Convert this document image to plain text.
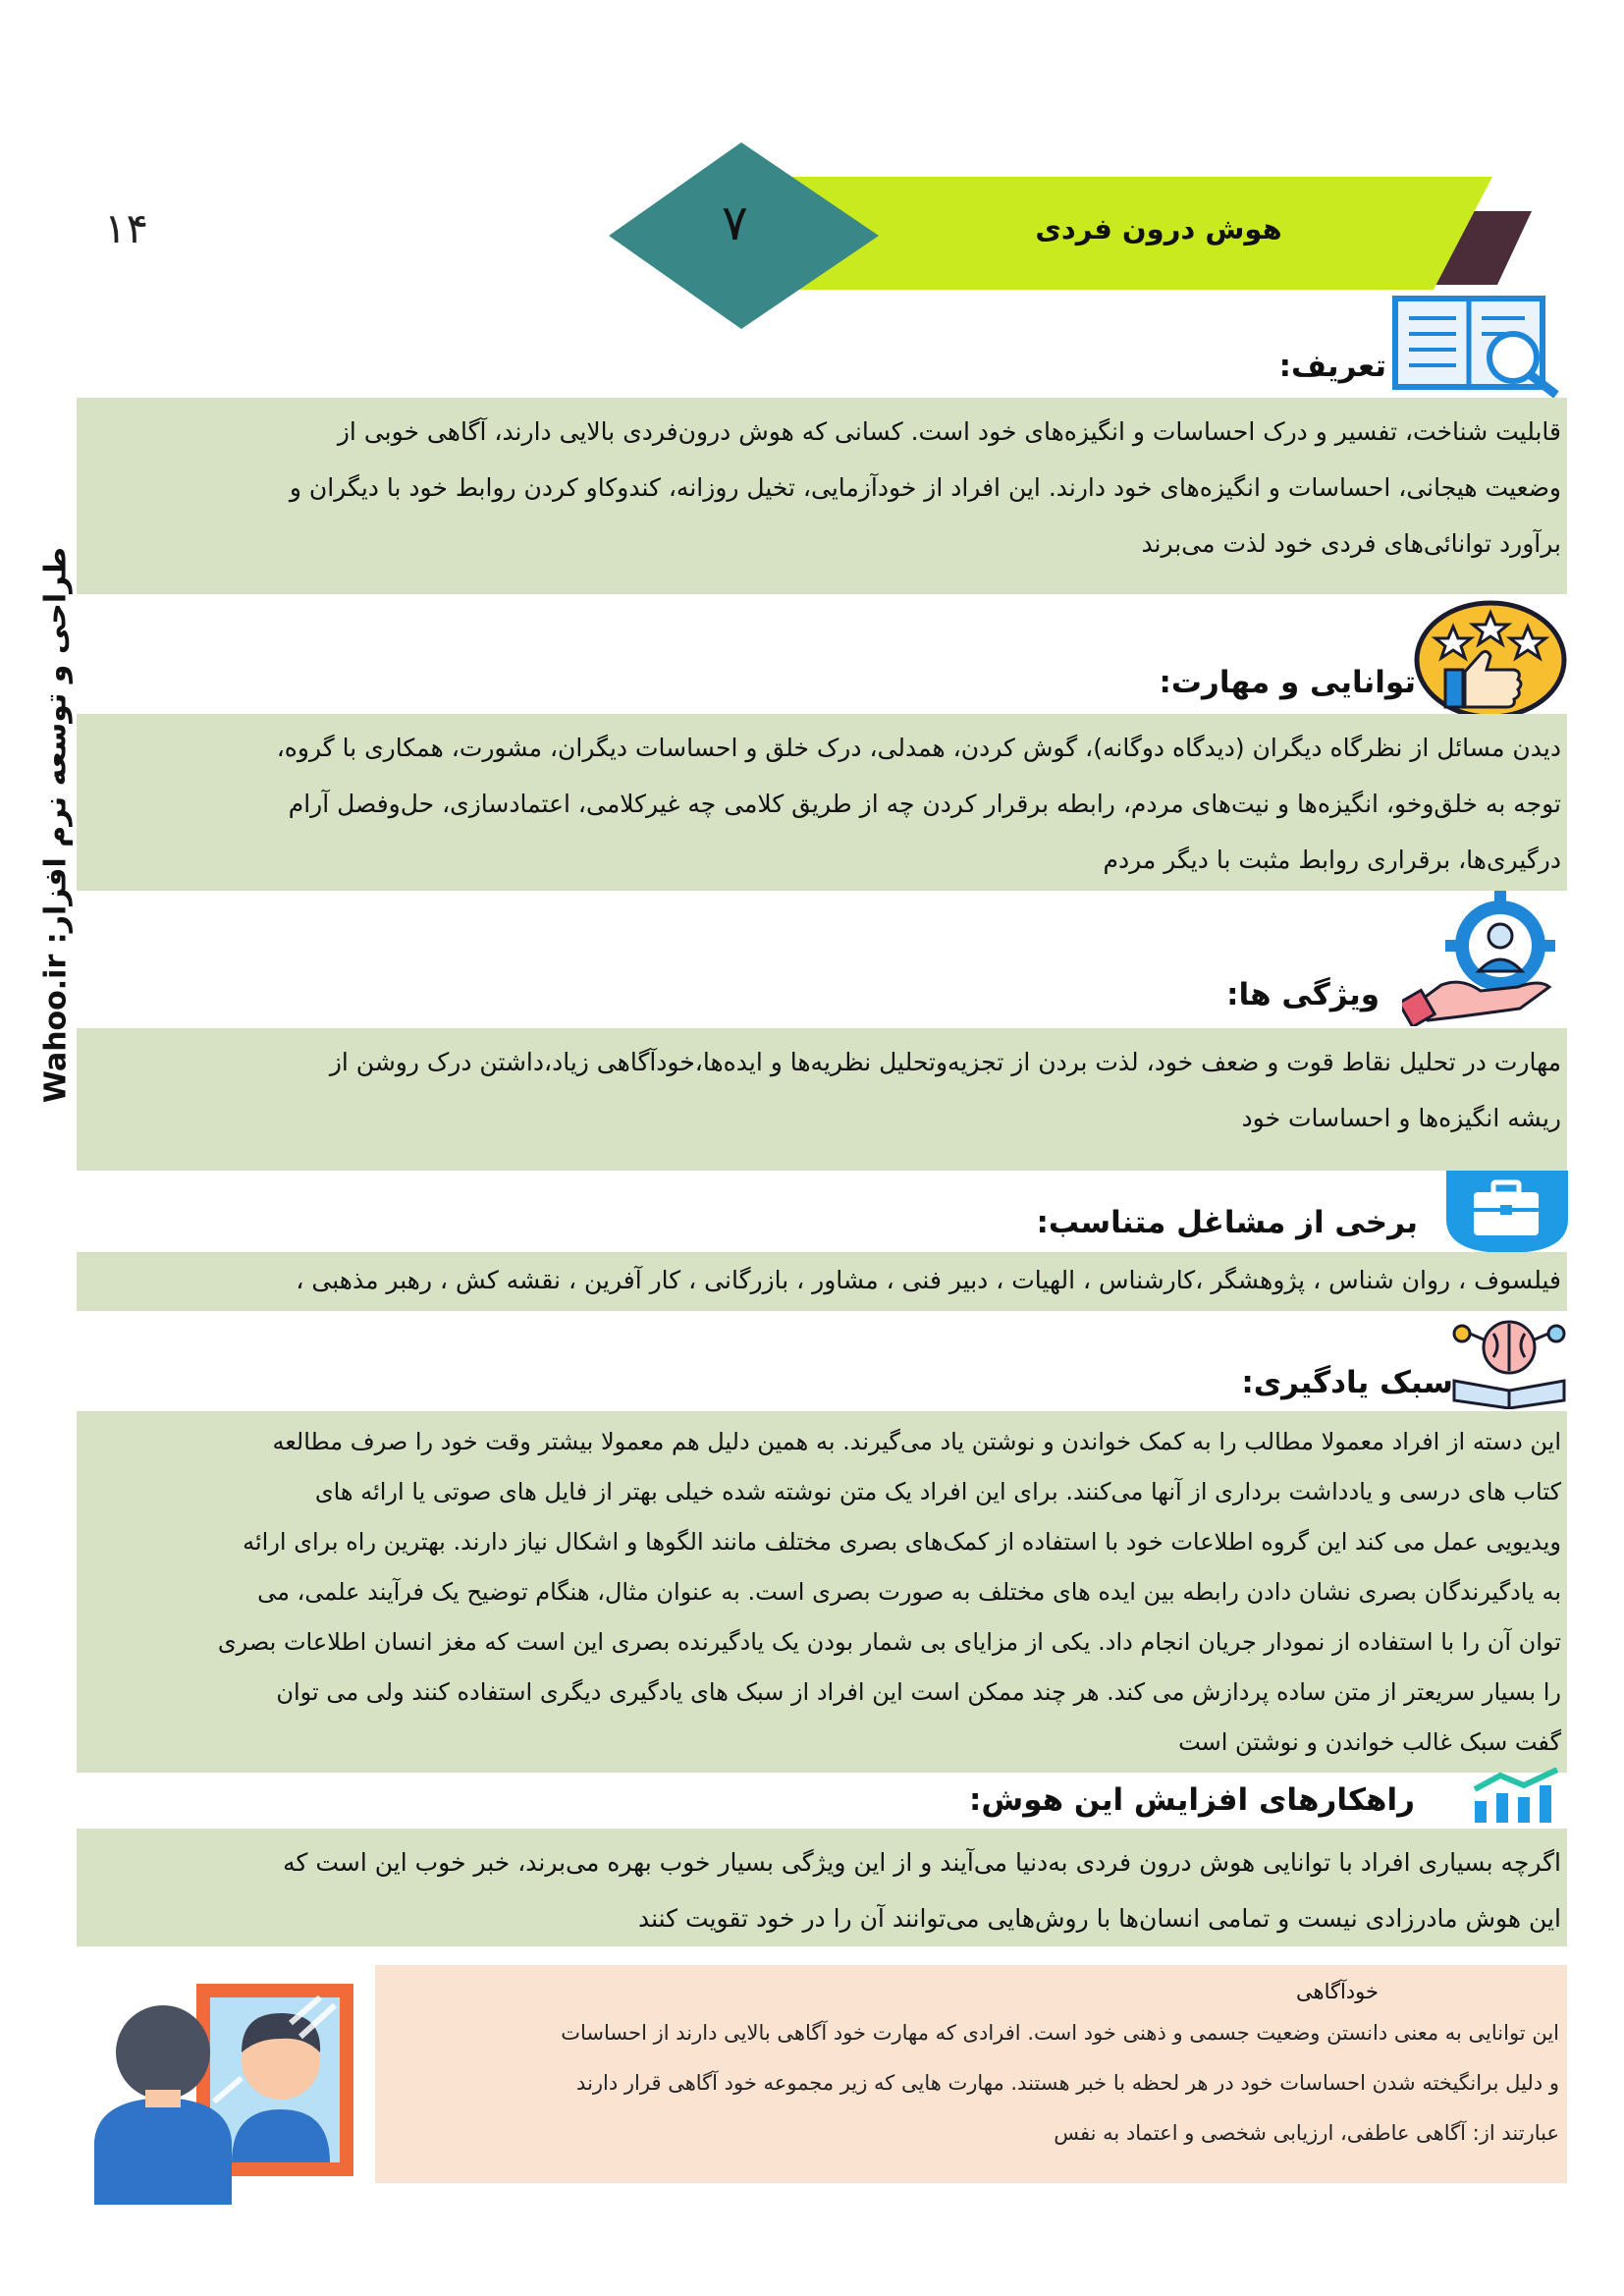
۱۴
طراحی و توسعه نرم افزار: Wahoo.ir
۷	هوش درون فردی
تعریف:

قابلیت شناخت، تفسیر و درک احساسات و انگیزه‌های خود است. کسانی که هوش درون‌فردی بالایی دارند، آگاهی خوبی از

وضعیت هیجانی، احساسات و انگیزه‌های خود دارند. این افراد از خودآزمایی، تخیل روزانه، کندوکاو کردن روابط خود با دیگران و

برآورد توانائی‌های فردی خود لذت می‌برند

توانایی و مهارت:

دیدن مسائل از نظرگاه دیگران (دیدگاه دوگانه)، گوش کردن، همدلی، درک خلق و احساسات دیگران، مشورت، همکاری با گروه،

توجه به خلق‌وخو، انگیزه‌ها و نیت‌های مردم، رابطه برقرار کردن چه از طریق کلامی چه غیرکلامی، اعتمادسازی، حل‌وفصل آرام

درگیری‌ها، برقراری روابط مثبت با دیگر مردم

ویژگی ها:

مهارت در تحلیل نقاط قوت و ضعف خود، لذت بردن از تجزیه‌وتحلیل نظریه‌ها و ایده‌ها،خودآگاهی زیاد،داشتن درک روشن از

ریشه انگیزه‌ها و احساسات خود

برخی از مشاغل متناسب:

فیلسوف ، روان شناس ، پژوهشگر ،کارشناس ، الهیات ، دبیر فنی ، مشاور ، بازرگانی ، کار آفرین ، نقشه کش ، رهبر مذهبی ،

سبک یادگیری:

این دسته از افراد معمولا مطالب را به کمک خواندن و نوشتن یاد می‌گیرند. به همین دلیل هم معمولا بیشتر وقت خود را صرف مطالعه

کتاب های درسی و یادداشت برداری از آنها می‌کنند. برای این افراد یک متن نوشته شده خیلی بهتر از فایل های صوتی یا ارائه های

ویدیویی عمل می کند این گروه اطلاعات خود با استفاده از کمک‌های بصری مختلف مانند الگوها و اشکال نیاز دارند. بهترین راه برای ارائه

به یادگیرندگان بصری نشان دادن رابطه بین ایده های مختلف به صورت بصری است. به عنوان مثال، هنگام توضیح یک فرآیند علمی، می

توان آن را با استفاده از نمودار جریان انجام داد. یکی از مزایای بی شمار بودن یک یادگیرنده بصری این است که مغز انسان اطلاعات بصری

را بسیار سریعتر از متن ساده پردازش می کند. هر چند ممکن است این افراد از سبک های یادگیری دیگری استفاده کنند ولی می توان

گفت سبک غالب خواندن و نوشتن است

راهکارهای افزایش این هوش:

اگرچه بسیاری افراد با توانایی هوش درون فردی به‌دنیا می‌آیند و از این ویژگی بسیار خوب بهره می‌برند، خبر خوب این است که

این هوش مادرزادی نیست و تمامی انسان‌ها با روش‌هایی می‌توانند آن را در خود تقویت کنند

این توانایی به معنی دانستن وضعیت جسمی و ذهنی خود است. افرادی که مهارت خود آگاهی بالایی دارند از احساسات

و دلیل برانگیخته شدن احساسات خود در هر لحظه با خبر هستند. مهارت هایی که زیر مجموعه خود آگاهی قرار دارند

عبارتند از: آگاهی عاطفی، ارزیابی شخصی و اعتماد به نفس

خودآگاهی
